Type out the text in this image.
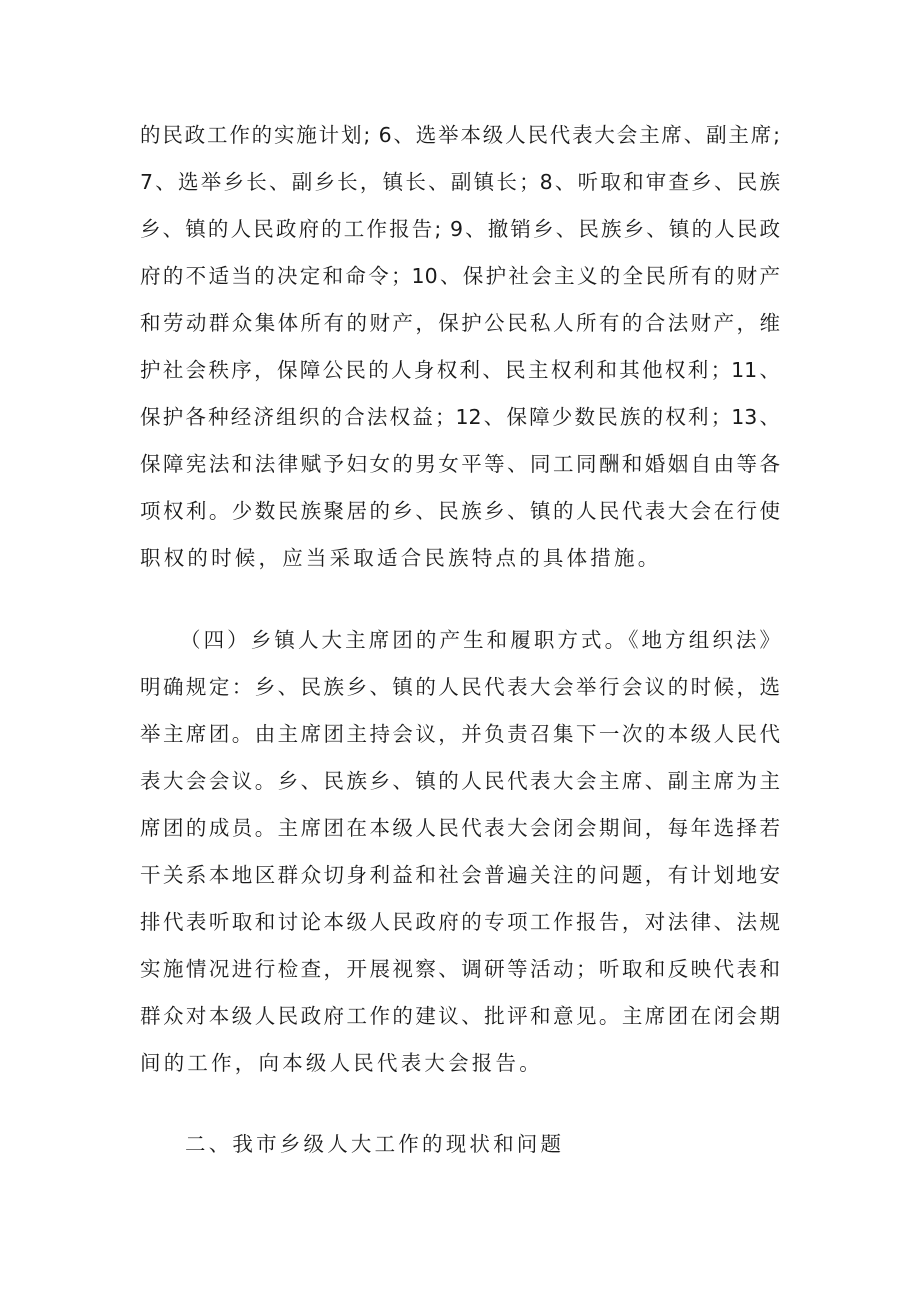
的民政工作的实施计划; 6、选举本级人民代表大会主席、副主席;
7、选举乡长、副乡长，镇长、副镇长；8、听取和审查乡、民族
乡、镇的人民政府的工作报告; 9、撤销乡、民族乡、镇的人民政
府的不适当的决定和命令；10、保护社会主义的全民所有的财产
和劳动群众集体所有的财产，保护公民私人所有的合法财产，维
护社会秩序，保障公民的人身权利、民主权利和其他权利；11、
保护各种经济组织的合法权益；12、保障少数民族的权利；13、
保障宪法和法律赋予妇女的男女平等、同工同酬和婚姻自由等各
项权利。少数民族聚居的乡、民族乡、镇的人民代表大会在行使
职权的时候，应当采取适合民族特点的具体措施。
（四）乡镇人大主席团的产生和履职方式。《地方组织法》
明确规定：乡、民族乡、镇的人民代表大会举行会议的时候，选
举主席团。由主席团主持会议，并负责召集下一次的本级人民代
表大会会议。乡、民族乡、镇的人民代表大会主席、副主席为主
席团的成员。主席团在本级人民代表大会闭会期间，每年选择若
干关系本地区群众切身利益和社会普遍关注的问题，有计划地安
排代表听取和讨论本级人民政府的专项工作报告，对法律、法规
实施情况进行检查，开展视察、调研等活动；听取和反映代表和
群众对本级人民政府工作的建议、批评和意见。主席团在闭会期
间的工作，向本级人民代表大会报告。
二、我市乡级人大工作的现状和问题
